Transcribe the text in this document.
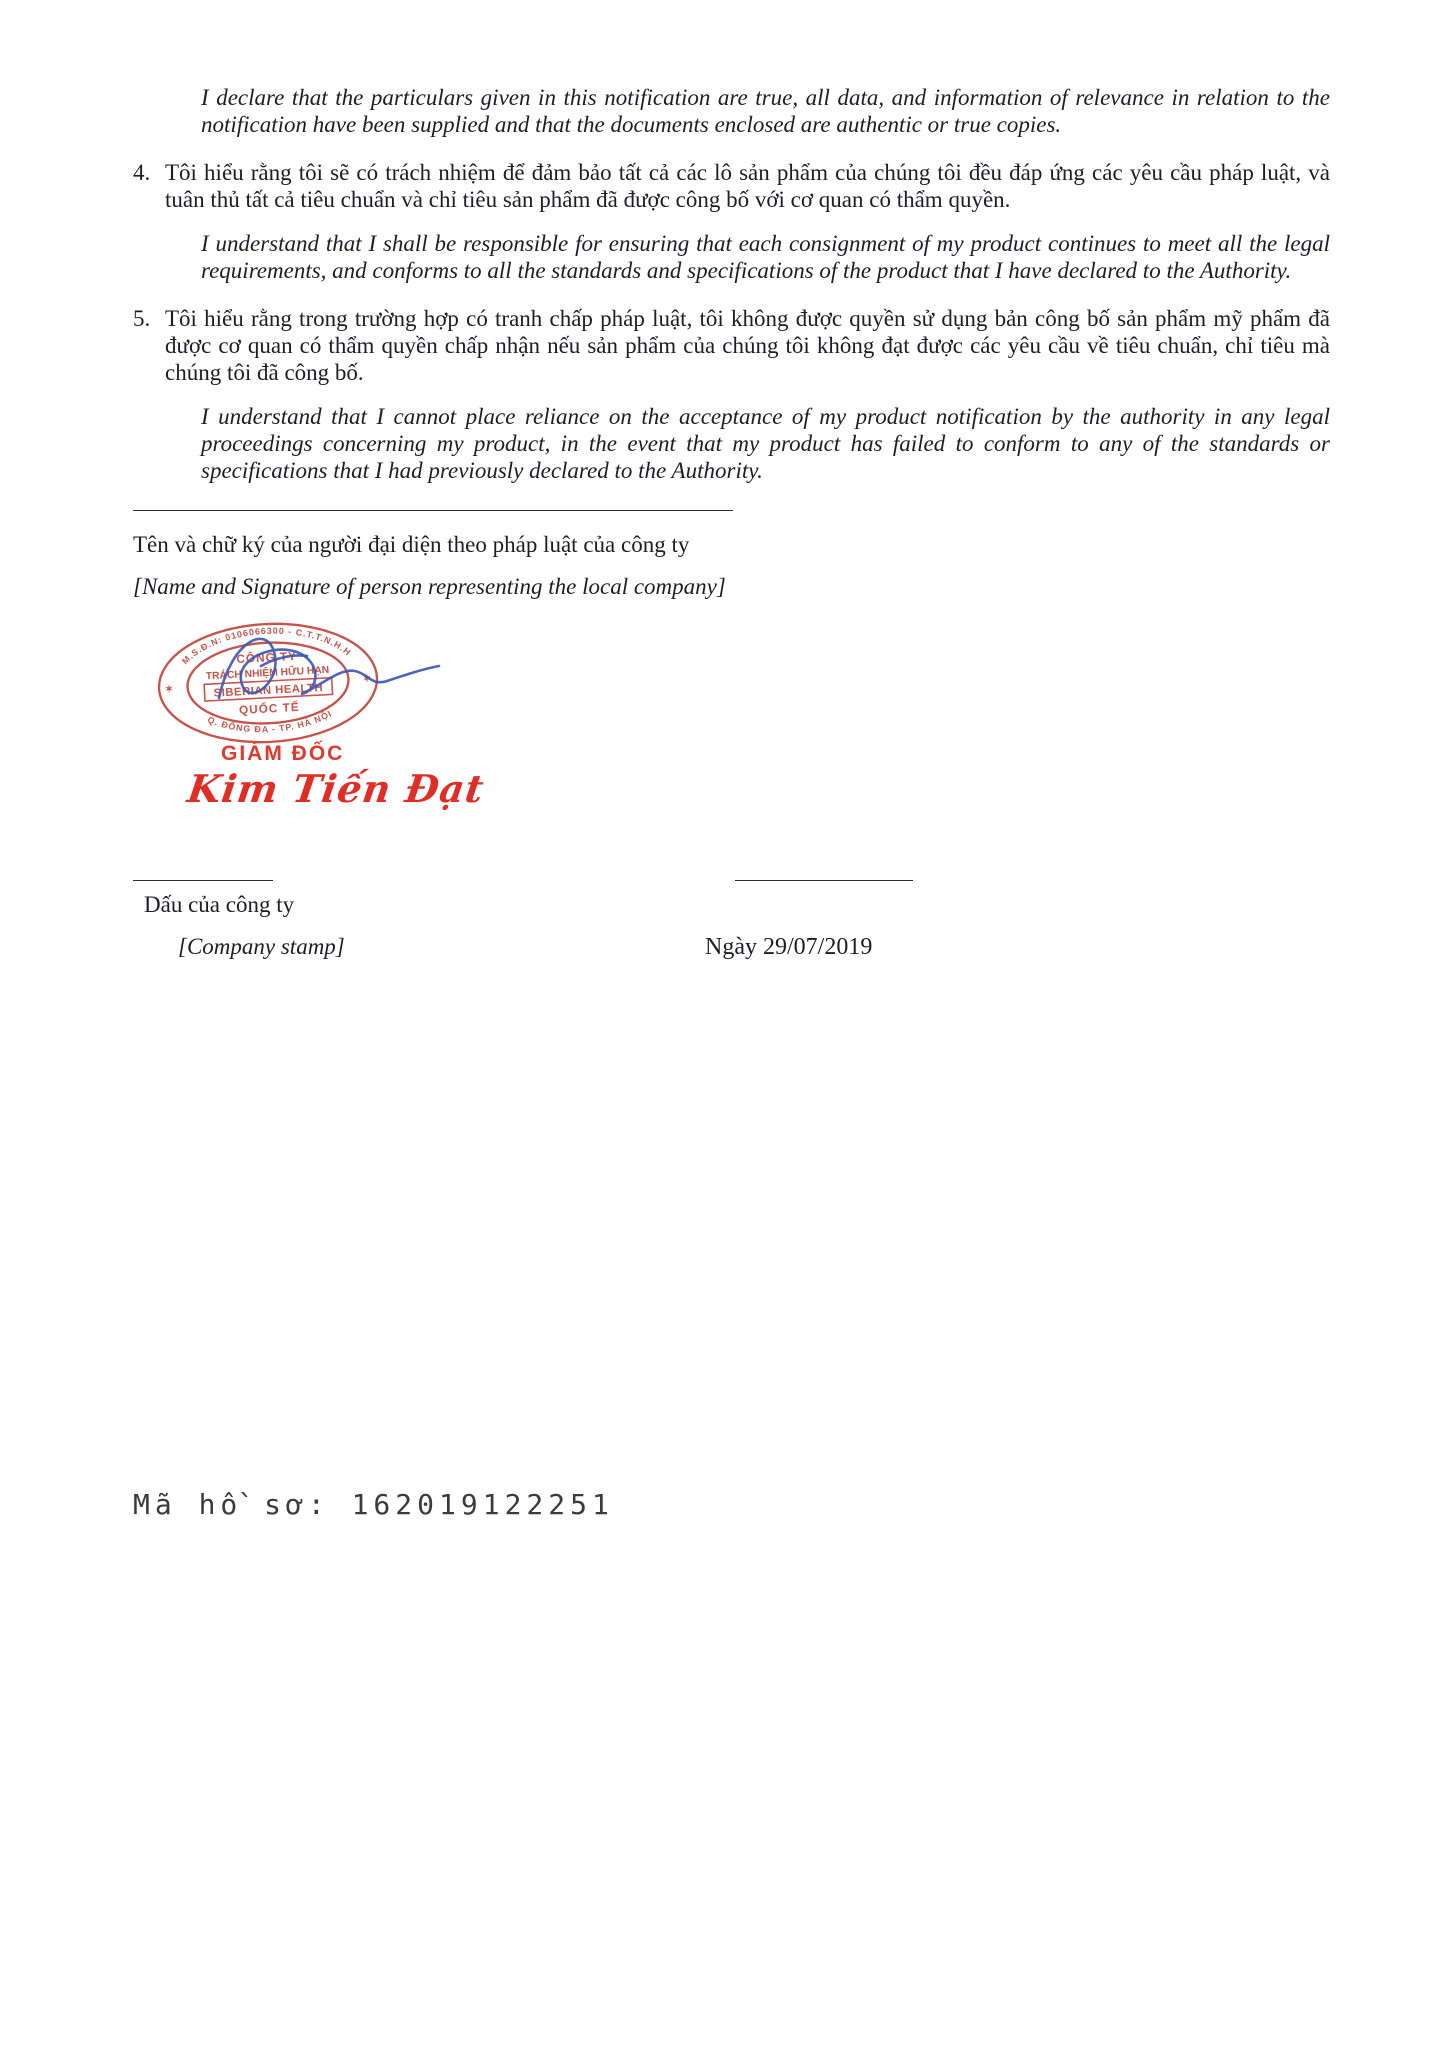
I declare that the particulars given in this notification are true, all data, and information of relevance in relation to the notification have been supplied and that the documents enclosed are authentic or true copies.

4. Tôi hiểu rằng tôi sẽ có trách nhiệm để đảm bảo tất cả các lô sản phẩm của chúng tôi đều đáp ứng các yêu cầu pháp luật, và tuân thủ tất cả tiêu chuẩn và chỉ tiêu sản phẩm đã được công bố với cơ quan có thẩm quyền.

I understand that I shall be responsible for ensuring that each consignment of my product continues to meet all the legal requirements, and conforms to all the standards and specifications of the product that I have declared to the Authority.

5. Tôi hiểu rằng trong trường hợp có tranh chấp pháp luật, tôi không được quyền sử dụng bản công bố sản phẩm mỹ phẩm đã được cơ quan có thẩm quyền chấp nhận nếu sản phẩm của chúng tôi không đạt được các yêu cầu về tiêu chuẩn, chỉ tiêu mà chúng tôi đã công bố.

I understand that I cannot place reliance on the acceptance of my product notification by the authority in any legal proceedings concerning my product, in the event that my product has failed to conform to any of the standards or specifications that I had previously declared to the Authority.

Tên và chữ ký của người đại diện theo pháp luật của công ty

[Name and Signature of person representing the local company]

M.S.Đ.N: 0106066300 - C.T.T.N.H.H
Q. ĐỐNG ĐA - TP. HÀ NỘI
✶
✶
CÔNG TY
TRÁCH NHIỆM HỮU HẠN
SIBERIAN HEALTH
QUỐC TẾ
GIÁM ĐỐC
Kim Tiến Đạt
Dấu của công ty
[Company stamp]	Ngày 29/07/2019
Mã hồ sơ: 162019122251
